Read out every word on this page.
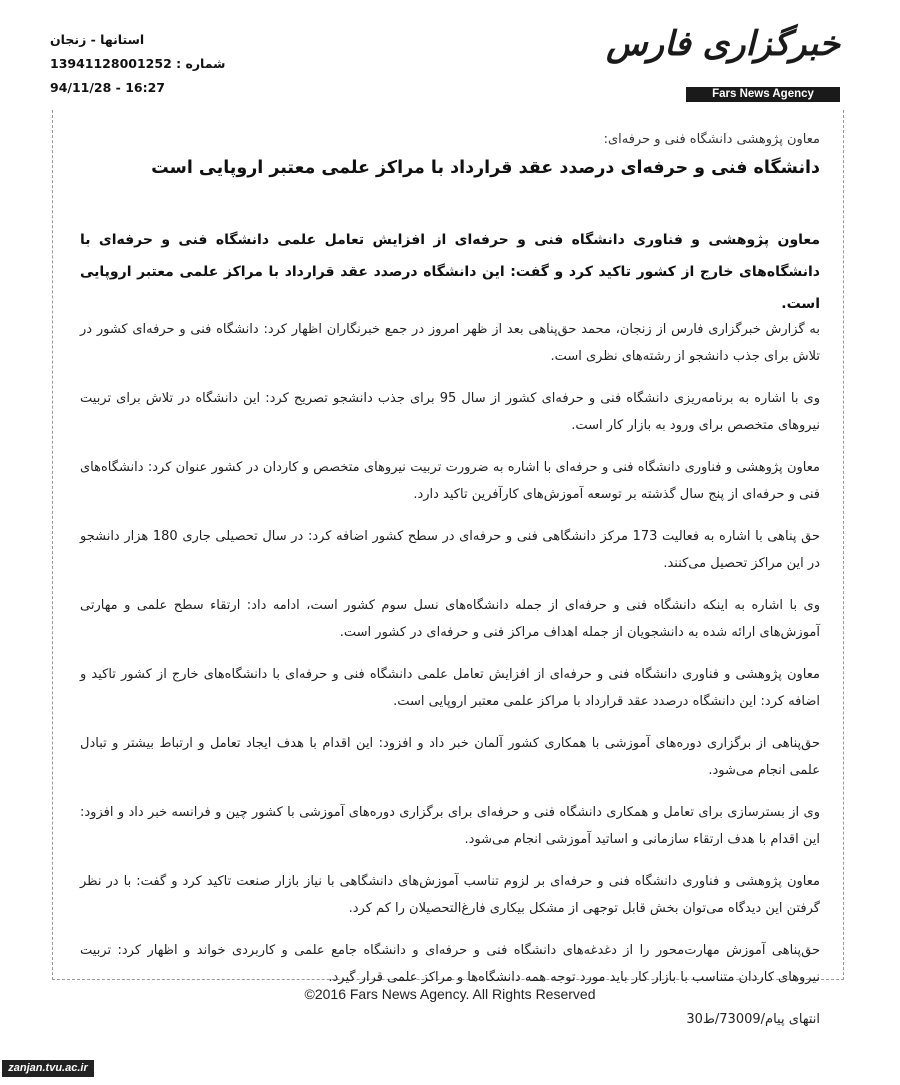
استانها - زنجان
شماره : 13941128001252
94/11/28 - 16:27
خبرگزاری فارس
Fars News Agency
معاون پژوهشی دانشگاه فنی و حرفه‌ای:
دانشگاه فنی و حرفه‌ای درصدد عقد قرارداد با مراکز علمی معتبر اروپایی است
معاون پژوهشی و فناوری دانشگاه فنی و حرفه‌ای از افزایش تعامل علمی دانشگاه فنی و حرفه‌ای با دانشگاه‌های خارج از کشور تاکید کرد و گفت: این دانشگاه درصدد عقد قرارداد با مراکز علمی معتبر اروپایی است.

به گزارش خبرگزاری فارس از زنجان، محمد حق‌پناهی بعد از ظهر امروز در جمع خبرنگاران اظهار کرد: دانشگاه فنی و حرفه‌ای کشور در تلاش برای جذب دانشجو از رشته‌های نظری است.

وی با اشاره به برنامه‌ریزی دانشگاه فنی و حرفه‌ای کشور از سال 95 برای جذب دانشجو تصریح کرد: این دانشگاه در تلاش برای تربیت نیروهای متخصص برای ورود به بازار کار است.

معاون پژوهشی و فناوری دانشگاه فنی و حرفه‌ای با اشاره به ضرورت تربیت نیروهای متخصص و کاردان در کشور عنوان کرد: دانشگاه‌های فنی و حرفه‌ای از پنج سال گذشته بر توسعه آموزش‌های کارآفرین تاکید دارد.

حق پناهی با اشاره به فعالیت 173 مرکز دانشگاهی فنی و حرفه‌ای در سطح کشور اضافه کرد: در سال تحصیلی جاری 180 هزار دانشجو در این مراکز تحصیل می‌کنند.

وی با اشاره به اینکه دانشگاه فنی و حرفه‌ای از جمله دانشگاه‌های نسل سوم کشور است، ادامه داد: ارتقاء سطح علمی و مهارتی آموزش‌های ارائه شده به دانشجویان از جمله اهداف مراکز فنی و حرفه‌ای در کشور است.

معاون پژوهشی و فناوری دانشگاه فنی و حرفه‌ای از افزایش تعامل علمی دانشگاه فنی و حرفه‌ای با دانشگاه‌های خارج از کشور تاکید و اضافه کرد: این دانشگاه درصدد عقد قرارداد با مراکز علمی معتبر اروپایی است.

حق‌پناهی از برگزاری دوره‌های آموزشی با همکاری کشور آلمان خبر داد و افزود: این اقدام با هدف ایجاد تعامل و ارتباط بیشتر و تبادل علمی انجام می‌شود.

وی از بسترسازی برای تعامل و همکاری دانشگاه فنی و حرفه‌ای برای برگزاری دوره‌های آموزشی با کشور چین و فرانسه خبر داد و افزود: این اقدام با هدف ارتقاء سازمانی و اساتید آموزشی انجام می‌شود.

معاون پژوهشی و فناوری دانشگاه فنی و حرفه‌ای بر لزوم تناسب آموزش‌های دانشگاهی با نیاز بازار صنعت تاکید کرد و گفت: با در نظر گرفتن این دیدگاه می‌توان بخش قابل توجهی از مشکل بیکاری فارغ‌التحصیلان را کم کرد.

حق‌پناهی آموزش مهارت‌محور را از دغدغه‌های دانشگاه فنی و حرفه‌ای و دانشگاه جامع علمی و کاربردی خواند و اظهار کرد: تربیت نیروهای کاردان متناسب با بازار کار باید مورد توجه همه دانشگاه‌ها و مراکز علمی قرار گیرد.

انتهای پیام/73009/ط30

©2016 Fars News Agency. All Rights Reserved
zanjan.tvu.ac.ir
